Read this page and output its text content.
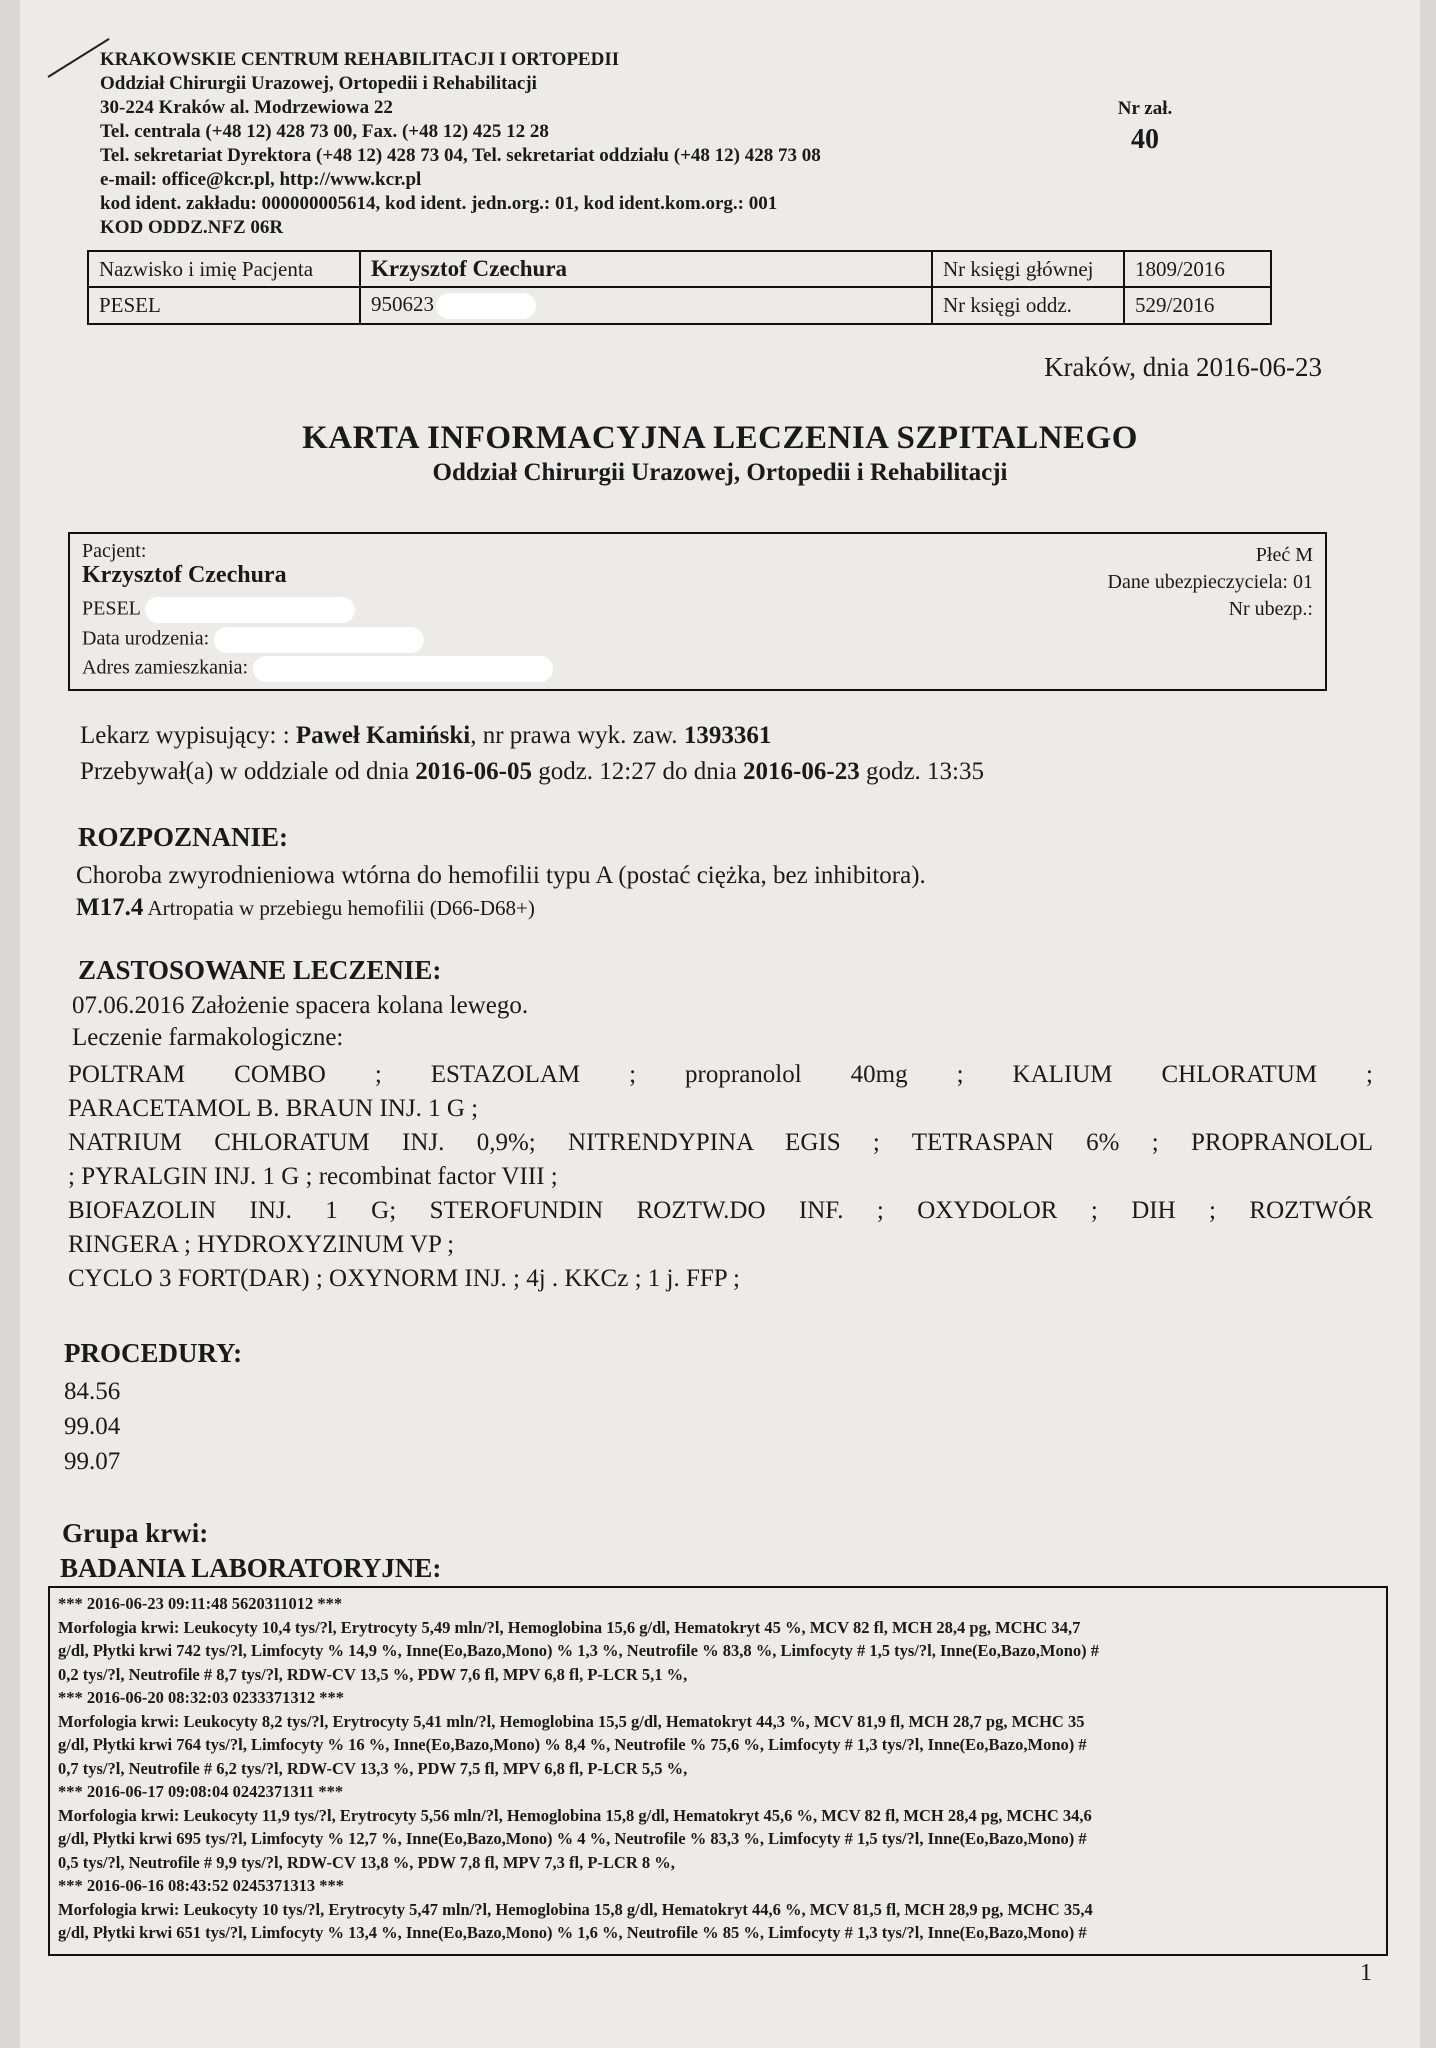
KRAKOWSKIE CENTRUM REHABILITACJI I ORTOPEDII
Oddział Chirurgii Urazowej, Ortopedii i Rehabilitacji
30-224 Kraków al. Modrzewiowa 22
Tel. centrala (+48 12) 428 73 00, Fax. (+48 12) 425 12 28
Tel. sekretariat Dyrektora (+48 12) 428 73 04, Tel. sekretariat oddziału (+48 12) 428 73 08
e-mail: office@kcr.pl, http://www.kcr.pl
kod ident. zakładu: 000000005614, kod ident. jedn.org.: 01, kod ident.kom.org.: 001
KOD ODDZ.NFZ 06R
Nr zał.
40
Nazwisko i imię Pacjenta	Krzysztof Czechura	Nr księgi głównej	1809/2016
PESEL	950623	Nr księgi oddz.	529/2016
Kraków, dnia 2016-06-23
KARTA INFORMACYJNA LECZENIA SZPITALNEGO
Oddział Chirurgii Urazowej, Ortopedii i Rehabilitacji
Pacjent:
Krzysztof Czechura
PESEL
Data urodzenia:
Adres zamieszkania:
Płeć M
Dane ubezpieczyciela: 01
Nr ubezp.:
Lekarz wypisujący: : Paweł Kamiński, nr prawa wyk. zaw. 1393361
Przebywał(a) w oddziale od dnia 2016-06-05 godz. 12:27 do dnia 2016-06-23 godz. 13:35
ROZPOZNANIE:
Choroba zwyrodnieniowa wtórna do hemofilii typu A (postać ciężka, bez inhibitora).
M17.4 Artropatia w przebiegu hemofilii (D66-D68+)
ZASTOSOWANE LECZENIE:
07.06.2016 Założenie spacera kolana lewego.
Leczenie farmakologiczne:
POLTRAM COMBO ; ESTAZOLAM ; propranolol 40mg ; KALIUM CHLORATUM ;
PARACETAMOL B. BRAUN INJ. 1 G ;
NATRIUM CHLORATUM INJ. 0,9%; NITRENDYPINA EGIS ; TETRASPAN 6% ; PROPRANOLOL
; PYRALGIN INJ. 1 G ; recombinat factor VIII ;
BIOFAZOLIN INJ. 1 G; STEROFUNDIN ROZTW.DO INF. ; OXYDOLOR ; DIH ; ROZTWÓR
RINGERA ; HYDROXYZINUM VP ;
CYCLO 3 FORT(DAR) ; OXYNORM INJ. ; 4j . KKCz ; 1 j. FFP ;
PROCEDURY:
84.56
99.04
99.07
Grupa krwi:
BADANIA LABORATORYJNE:
*** 2016-06-23 09:11:48 5620311012 ***
Morfologia krwi: Leukocyty 10,4 tys/?l, Erytrocyty 5,49 mln/?l, Hemoglobina 15,6 g/dl, Hematokryt 45 %, MCV 82 fl, MCH 28,4 pg, MCHC 34,7
g/dl, Płytki krwi 742 tys/?l, Limfocyty % 14,9 %, Inne(Eo,Bazo,Mono) % 1,3 %, Neutrofile % 83,8 %, Limfocyty # 1,5 tys/?l, Inne(Eo,Bazo,Mono) #
0,2 tys/?l, Neutrofile # 8,7 tys/?l, RDW-CV 13,5 %, PDW 7,6 fl, MPV 6,8 fl, P-LCR 5,1 %,
*** 2016-06-20 08:32:03 0233371312 ***
Morfologia krwi: Leukocyty 8,2 tys/?l, Erytrocyty 5,41 mln/?l, Hemoglobina 15,5 g/dl, Hematokryt 44,3 %, MCV 81,9 fl, MCH 28,7 pg, MCHC 35
g/dl, Płytki krwi 764 tys/?l, Limfocyty % 16 %, Inne(Eo,Bazo,Mono) % 8,4 %, Neutrofile % 75,6 %, Limfocyty # 1,3 tys/?l, Inne(Eo,Bazo,Mono) #
0,7 tys/?l, Neutrofile # 6,2 tys/?l, RDW-CV 13,3 %, PDW 7,5 fl, MPV 6,8 fl, P-LCR 5,5 %,
*** 2016-06-17 09:08:04 0242371311 ***
Morfologia krwi: Leukocyty 11,9 tys/?l, Erytrocyty 5,56 mln/?l, Hemoglobina 15,8 g/dl, Hematokryt 45,6 %, MCV 82 fl, MCH 28,4 pg, MCHC 34,6
g/dl, Płytki krwi 695 tys/?l, Limfocyty % 12,7 %, Inne(Eo,Bazo,Mono) % 4 %, Neutrofile % 83,3 %, Limfocyty # 1,5 tys/?l, Inne(Eo,Bazo,Mono) #
0,5 tys/?l, Neutrofile # 9,9 tys/?l, RDW-CV 13,8 %, PDW 7,8 fl, MPV 7,3 fl, P-LCR 8 %,
*** 2016-06-16 08:43:52 0245371313 ***
Morfologia krwi: Leukocyty 10 tys/?l, Erytrocyty 5,47 mln/?l, Hemoglobina 15,8 g/dl, Hematokryt 44,6 %, MCV 81,5 fl, MCH 28,9 pg, MCHC 35,4
g/dl, Płytki krwi 651 tys/?l, Limfocyty % 13,4 %, Inne(Eo,Bazo,Mono) % 1,6 %, Neutrofile % 85 %, Limfocyty # 1,3 tys/?l, Inne(Eo,Bazo,Mono) #
1
